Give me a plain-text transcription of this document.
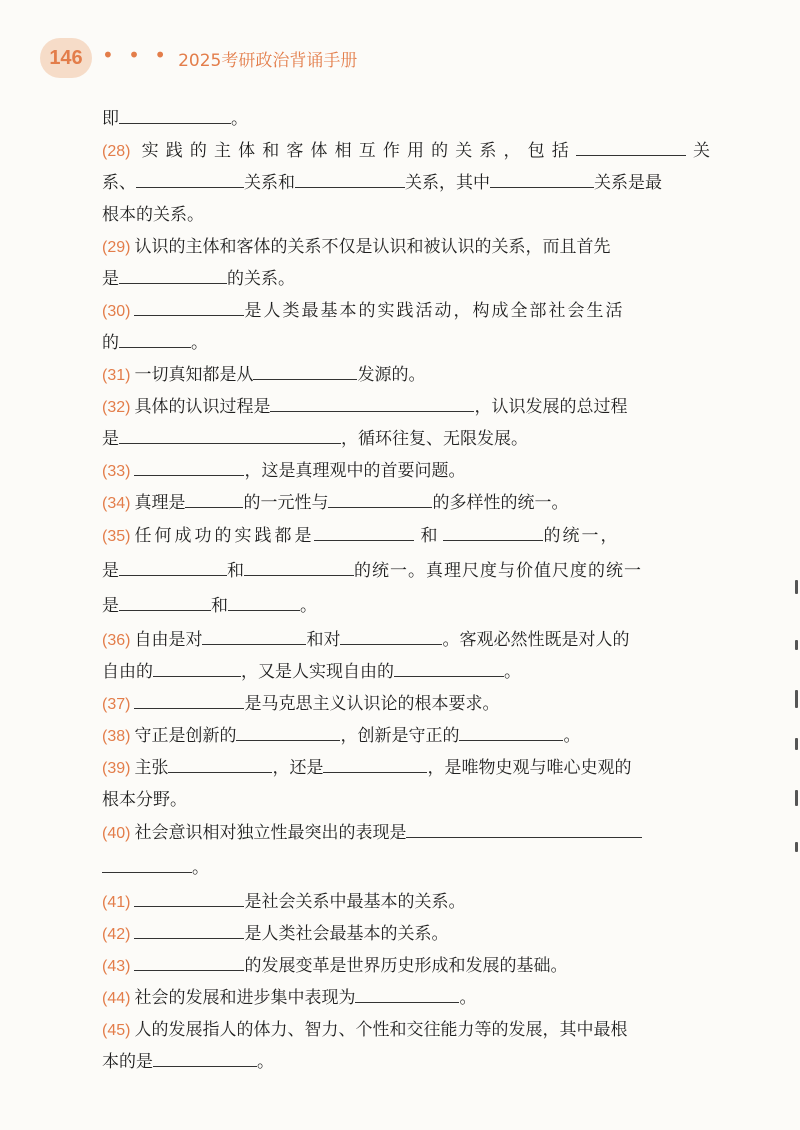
146 • • • 2025考研政治背诵手册
即	。
(28) 实践的主体和客体相互作用的关系，包括	关
系、	关系和	关系，其中	关系是最
根本的关系。
(29) 认识的主体和客体的关系不仅是认识和被认识的关系，而且首先
是	的关系。
(30)	是人类最基本的实践活动，构成全部社会生活
的	。
(31) 一切真知都是从	发源的。
(32) 具体的认识过程是	，认识发展的总过程
是	，循环往复、无限发展。
(33)	，这是真理观中的首要问题。
(34) 真理是	的一元性与	的多样性的统一。
(35) 任何成功的实践都是	和	的统一，
是	和	的统一。真理尺度与价值尺度的统一
是	和	。
(36) 自由是对	和对	。客观必然性既是对人的
自由的	，又是人实现自由的	。
(37)	是马克思主义认识论的根本要求。
(38) 守正是创新的	，创新是守正的	。
(39) 主张	，还是	，是唯物史观与唯心史观的
根本分野。
(40) 社会意识相对独立性最突出的表现是
。
(41)	是社会关系中最基本的关系。
(42)	是人类社会最基本的关系。
(43)	的发展变革是世界历史形成和发展的基础。
(44) 社会的发展和进步集中表现为	。
(45) 人的发展指人的体力、智力、个性和交往能力等的发展，其中最根
本的是	。
